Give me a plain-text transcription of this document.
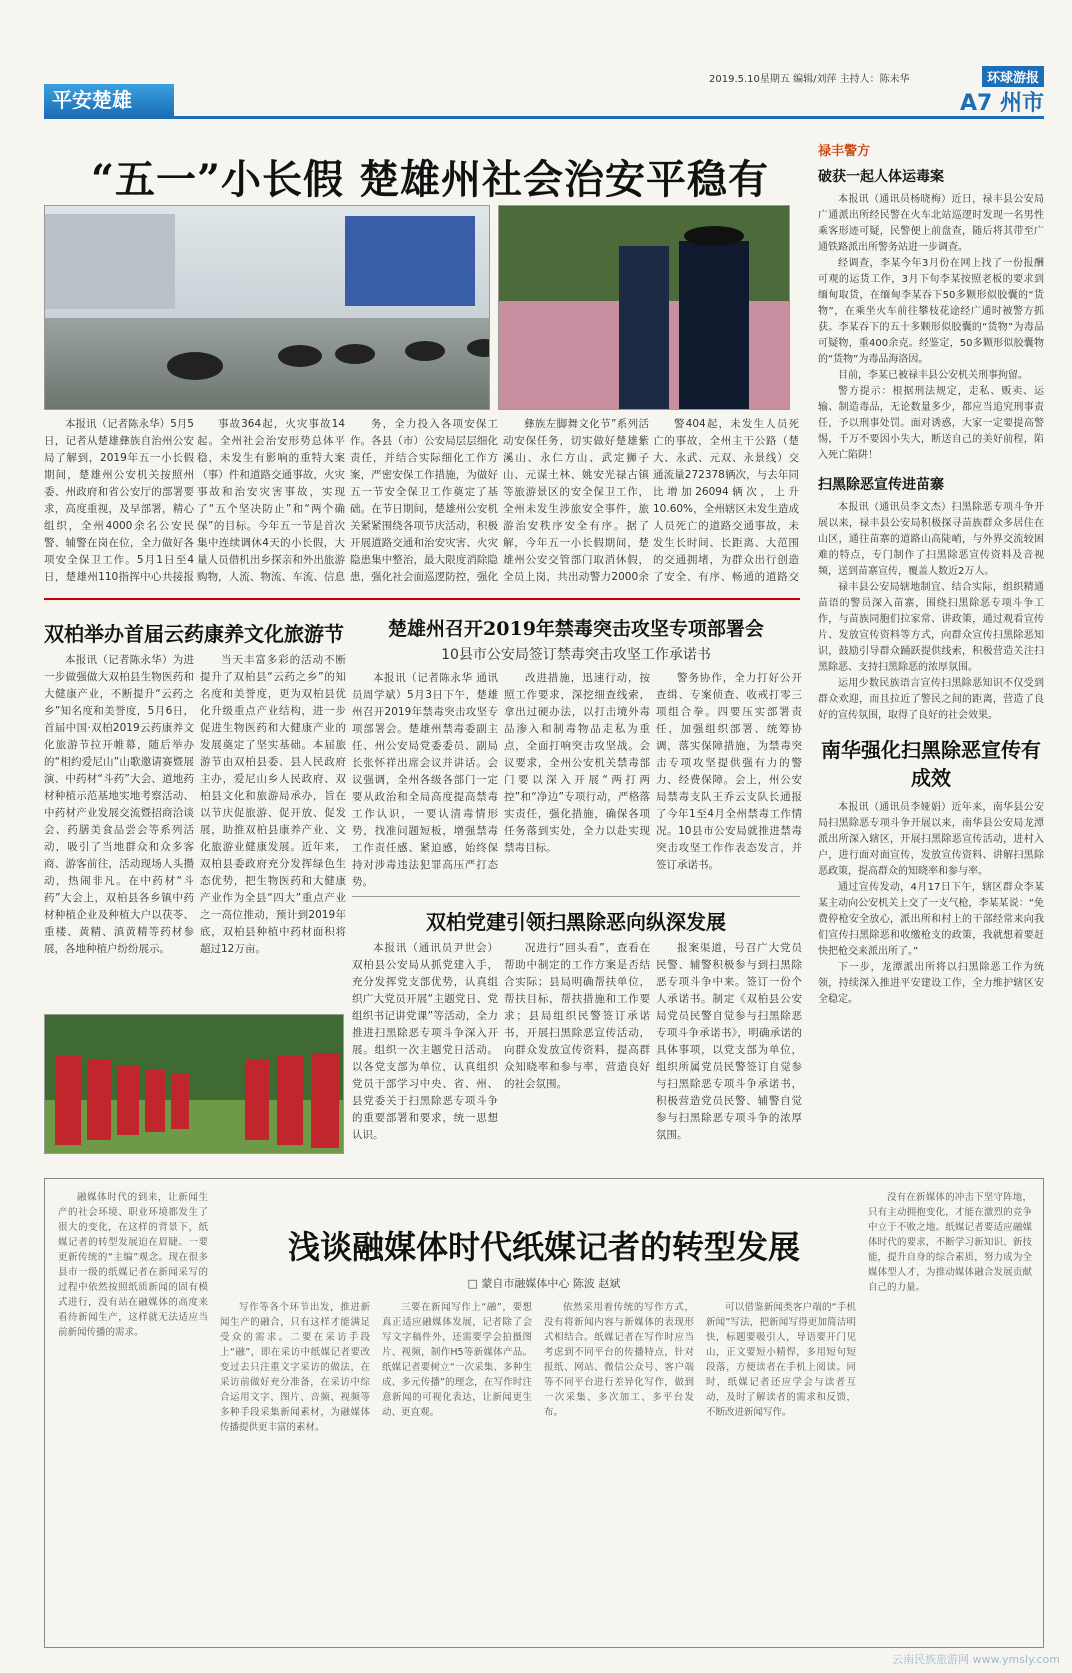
平安楚雄
2019.5.10星期五 编辑/刘萍 主持人：陈未华	环球游报
A7 州市
“五一”小长假 楚雄州社会治安平稳有

本报讯（记者陈永华）5月5日，记者从楚雄彝族自治州公安局了解到，2019年五一小长假期间，楚雄州公安机关按照州委、州政府和省公安厅的部署要求，高度重视，及早部署，精心组织，全州4000余名公安民警、辅警在岗在位，全力做好各项安全保卫工作。5月1日至4日，楚雄州110指挥中心共接报

事故364起，火灾事故14起。全州社会治安形势总体平稳，未发生有影响的重特大案（事）件和道路交通事故，火灾事故和治安灾害事故，实现了“五个坚决防止”和“两个确保”的目标。今年五一节是首次集中连续调休4天的小长假，大量人员借机出乡探亲和外出旅游购物，人流、物流、车流、信息

务，全力投入各项安保工作。各县（市）公安局层层细化责任，并结合实际细化工作方案，严密安保工作措施，为做好五一节安全保卫工作奠定了基础。在节日期间，楚雄州公安机关紧紧围绕各项节庆活动，积极开展道路交通和治安灾害、火灾隐患集中整治，最大限度消除隐患，强化社会面巡逻防控，强化

彝族左脚舞文化节”系列活动安保任务，切实做好楚雄紫溪山、永仁方山、武定狮子山、元谋土林、姚安光禄古镇等旅游景区的安全保卫工作，全州未发生涉旅安全事件，旅游治安秩序安全有序。据了解，今年五一小长假期间，楚雄州公安交管部门取消休假，全员上岗，共出动警力2000余

警404起，未发生人员死亡的事故，全州主干公路（楚大、永武、元双、永景线）交通流量272378辆次，与去年同比增加26094辆次，上升10.60%，全州辖区未发生造成人员死亡的道路交通事故，未发生长时间、长距离、大范围的交通拥堵，为群众出行创造了安全、有序、畅通的道路交

双柏举办首届云药康养文化旅游节

本报讯（记者陈永华）为进一步做强做大双柏县生物医药和大健康产业，不断提升“云药之乡”知名度和美誉度，5月6日，首届中国·双柏2019云药康养文化旅游节拉开帷幕，随后举办的“相约爱尼山”山歌邀请赛暨展演、中药材“斗药”大会、道地药材种植示范基地实地考察活动、中药材产业发展交流暨招商洽谈会、药膳美食品尝会等系列活动，吸引了当地群众和众多客商、游客前往，活动现场人头攒动，热闹非凡。在中药材“斗药”大会上，双柏县各乡镇中药材种植企业及种植大户以茯苓、重楼、黄精、滇黄精等药材参展，各地种植户纷纷展示。

当天丰富多彩的活动不断提升了双柏县“云药之乡”的知名度和美誉度，更为双柏县优化升级重点产业结构，进一步促进生物医药和大健康产业的发展奠定了坚实基础。本届旅游节由双柏县委、县人民政府主办，爱尼山乡人民政府、双柏县文化和旅游局承办，旨在以节庆促旅游、促开放、促发展，助推双柏县康养产业、文化旅游业健康发展。近年来，双柏县委政府充分发挥绿色生态优势，把生物医药和大健康产业作为全县“四大”重点产业之一高位推动，预计到2019年底，双柏县种植中药材面积将超过12万亩。

楚雄州召开2019年禁毒突击攻坚专项部署会
10县市公安局签订禁毒突击攻坚工作承诺书

本报讯（记者陈永华 通讯员周学斌）5月3日下午，楚雄州召开2019年禁毒突击攻坚专项部署会。楚雄州禁毒委副主任、州公安局党委委员、副局长张怀祥出席会议并讲话。会议强调，全州各级各部门一定要从政治和全局高度提高禁毒工作认识，一要认清毒情形势，找准问题短板，增强禁毒工作责任感、紧迫感，始终保持对涉毒违法犯罪高压严打态势。

改进措施，迅速行动，按照工作要求，深挖细查线索，拿出过硬办法，以打击境外毒品渗入和制毒物品走私为重点，全面打响突击攻坚战。会议要求，全州公安机关禁毒部门要以深入开展“两打两控”和“净边”专项行动，严格落实责任，强化措施，确保各项任务落到实处，全力以赴实现禁毒目标。

警务协作，全力打好公开查缉、专案侦查、收戒打零三项组合拳。四要压实部署责任，加强组织部署、统筹协调，落实保障措施，为禁毒突击专项攻坚提供强有力的警力、经费保障。会上，州公安局禁毒支队王乔云支队长通报了今年1至4月全州禁毒工作情况。10县市公安局就推进禁毒突击攻坚工作作表态发言，并签订承诺书。

双柏党建引领扫黑除恶向纵深发展

本报讯（通讯员尹世会）双柏县公安局从抓党建入手，充分发挥党支部优势，认真组织广大党员开展“主题党日、党组织书记讲党课”等活动，全力推进扫黑除恶专项斗争深入开展。组织一次主题党日活动。以各党支部为单位，认真组织党员干部学习中央、省、州、县党委关于扫黑除恶专项斗争的重要部署和要求，统一思想认识。

况进行“回头看”，查看在帮助中制定的工作方案是否结合实际；县局明确帮扶单位，帮扶目标，帮扶措施和工作要求；县局组织民警签订承诺书，开展扫黑除恶宣传活动，向群众发放宣传资料，提高群众知晓率和参与率，营造良好的社会氛围。

报案渠道，号召广大党员民警、辅警积极参与到扫黑除恶专项斗争中来。签订一份个人承诺书。制定《双柏县公安局党员民警自觉参与扫黑除恶专项斗争承诺书》，明确承诺的具体事项，以党支部为单位，组织所属党员民警签订自觉参与扫黑除恶专项斗争承诺书，积极营造党员民警、辅警自觉参与扫黑除恶专项斗争的浓厚氛围。

禄丰警方
破获一起人体运毒案
本报讯（通讯员杨晓梅）近日，禄丰县公安局广通派出所经民警在火车北站巡逻时发现一名男性乘客形迹可疑，民警便上前盘查，随后将其带至广通铁路派出所警务站进一步调查。
经调查，李某今年3月份在网上找了一份报酬可观的运货工作，3月下旬李某按照老板的要求到缅甸取货，在缅甸李某吞下50多颗形似胶囊的“货物”，在乘坐火车前往攀枝花途经广通时被警方抓获。李某吞下的五十多颗形似胶囊的“货物”为毒品可疑物，重400余克。经鉴定，50多颗形似胶囊物的“货物”为毒品海洛因。
目前，李某已被禄丰县公安机关刑事拘留。
警方提示：根据刑法规定，走私、贩卖、运输、制造毒品，无论数量多少，都应当追究刑事责任，予以刑事处罚。面对诱惑，大家一定要提高警惕，千万不要因小失大，断送自己的美好前程，陷入死亡陷阱！
扫黑除恶宣传进苗寨
本报讯（通讯员李文杰）扫黑除恶专项斗争开展以来，禄丰县公安局积极探寻苗族群众多居住在山区，通往苗寨的道路山高陡峭，与外界交流较困难的特点，专门制作了扫黑除恶宣传资料及音视频，送到苗寨宣传，覆盖人数近2万人。
禄丰县公安局辖地制宜、结合实际，组织精通苗语的警员深入苗寨，围绕扫黑除恶专项斗争工作，与苗族同胞们拉家常、讲政策，通过观看宣传片、发放宣传资料等方式，向群众宣传扫黑除恶知识，鼓励引导群众踊跃提供线索，积极营造关注扫黑除恶、支持扫黑除恶的浓厚氛围。
运用少数民族语言宣传扫黑除恶知识不仅受到群众欢迎，而且拉近了警民之间的距离，营造了良好的宣传氛围，取得了良好的社会效果。
南华强化扫黑除恶宣传有成效
本报讯（通讯员李娅娟）近年来，南华县公安局扫黑除恶专项斗争开展以来，南华县公安局龙潭派出所深入辖区，开展扫黑除恶宣传活动，进村入户，进行面对面宣传，发放宣传资料、讲解扫黑除恶政策，提高群众的知晓率和参与率。
通过宣传发动，4月17日下午，辖区群众李某某主动向公安机关上交了一支气枪，李某某说：“免费停枪安全放心，派出所和村上的干部经常来向我们宣传扫黑除恶和收缴枪支的政策，我就想着要赶快把枪交来派出所了。”
下一步，龙潭派出所将以扫黑除恶工作为统领，持续深入推进平安建设工作，全力维护辖区安全稳定。
浅谈融媒体时代纸媒记者的转型发展
□ 蒙自市融媒体中心 陈波 赵斌

融媒体时代的到来，让新闻生产的社会环境、职业环境都发生了很大的变化，在这样的背景下，纸媒记者的转型发展迫在眉睫。一要更新传统的“主编”观念。现在很多县市一级的纸媒记者在新闻采写的过程中依然按照纸质新闻的固有模式进行，没有站在融媒体的高度来看待新闻生产，这样就无法适应当前新闻传播的需求。

写作等各个环节出发，推进新闻生产的融合，只有这样才能满足受众的需求。二要在采访手段上“融”，即在采访中纸媒记者要改变过去只注重文字采访的做法，在采访前做好充分准备，在采访中综合运用文字、图片、音频、视频等多种手段采集新闻素材，为融媒体传播提供更丰富的素材。

三要在新闻写作上“融”，要想真正适应融媒体发展，记者除了会写文字稿件外，还需要学会拍摄图片、视频，制作H5等新媒体产品。纸媒记者要树立“一次采集、多种生成、多元传播”的理念，在写作时注意新闻的可视化表达，让新闻更生动、更直观。

依然采用着传统的写作方式，没有将新闻内容与新媒体的表现形式相结合。纸媒记者在写作时应当考虑到不同平台的传播特点，针对报纸、网站、微信公众号、客户端等不同平台进行差异化写作，做到一次采集、多次加工、多平台发布。

可以借鉴新闻类客户端的“手机新闻”写法，把新闻写得更加简洁明快，标题要吸引人，导语要开门见山，正文要短小精悍，多用短句短段落，方便读者在手机上阅读。同时，纸媒记者还应学会与读者互动，及时了解读者的需求和反馈，不断改进新闻写作。

没有在新媒体的冲击下坚守阵地，只有主动拥抱变化，才能在激烈的竞争中立于不败之地。纸媒记者要适应融媒体时代的要求，不断学习新知识、新技能，提升自身的综合素质，努力成为全媒体型人才，为推动媒体融合发展贡献自己的力量。

云南民族旅游网 www.ymsly.com
